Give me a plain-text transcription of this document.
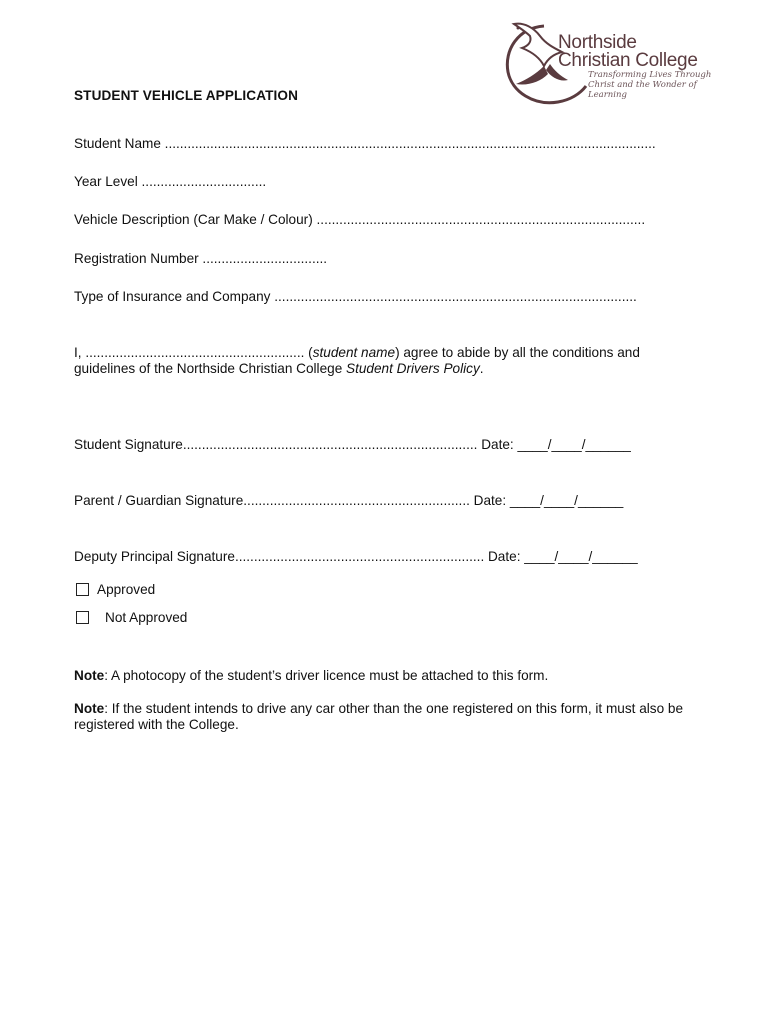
Northside
Christian College
Transforming Lives Through
Christ and the Wonder of Learning
STUDENT VEHICLE APPLICATION
Student Name ..................................................................................................................................
Year Level .................................
Vehicle Description (Car Make / Colour) .......................................................................................
Registration Number .................................
Type of Insurance and Company ................................................................................................
I, .......................................................... (student name) agree to abide by all the conditions and guidelines of the Northside Christian College Student Drivers Policy.
Student Signature.............................................................................. Date: ____/____/______
Parent / Guardian Signature............................................................ Date: ____/____/______
Deputy Principal Signature.................................................................. Date: ____/____/______
Approved
Not Approved
Note: A photocopy of the student’s driver licence must be attached to this form.
Note: If the student intends to drive any car other than the one registered on this form, it must also be registered with the College.
